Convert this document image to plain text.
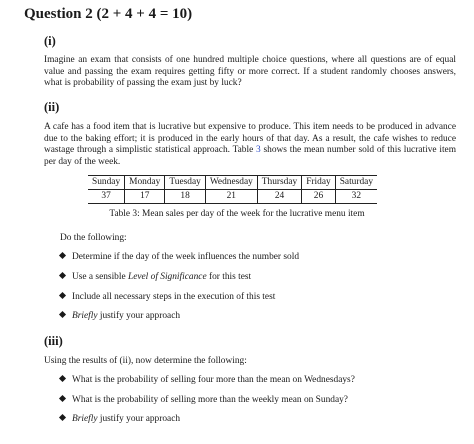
Question 2 (2 + 4 + 4 = 10)
(i)

Imagine an exam that consists of one hundred multiple choice questions, where all questions are of equal value and passing the exam requires getting fifty or more correct. If a student randomly chooses answers, what is probability of passing the exam just by luck?

(ii)

A cafe has a food item that is lucrative but expensive to produce. This item needs to be produced in advance due to the baking effort; it is produced in the early hours of that day. As a result, the cafe wishes to reduce wastage through a simplistic statistical approach. Table 3 shows the mean number sold of this lucrative item per day of the week.

Sunday	Monday	Tuesday	Wednesday	Thursday	Friday	Saturday
37	17	18	21	24	26	32
Table 3: Mean sales per day of the week for the lucrative menu item
Do the following:
Determine if the day of the week influences the number sold
Use a sensible Level of Significance for this test
Include all necessary steps in the execution of this test
Briefly justify your approach
(iii)
Using the results of (ii), now determine the following:
What is the probability of selling four more than the mean on Wednesdays?
What is the probability of selling more than the weekly mean on Sunday?
Briefly justify your approach
